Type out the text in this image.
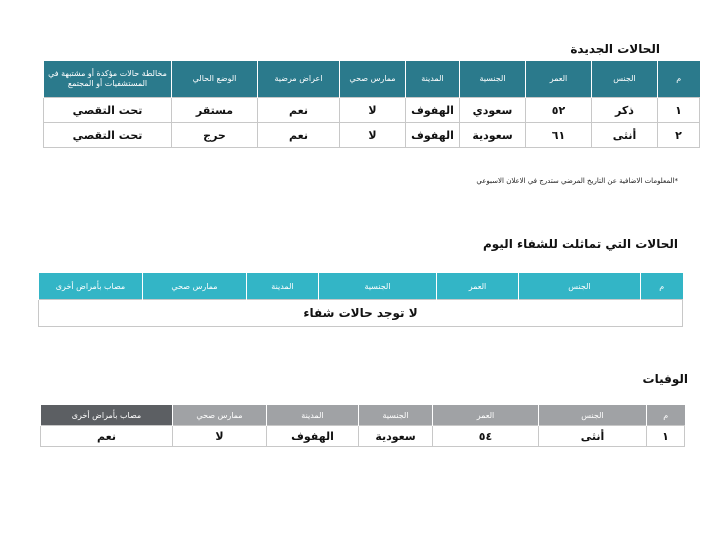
الحالات الجديدة
م	الجنس	العمر	الجنسية	المدينة	ممارس صحي	اعراض مرضية	الوضع الحالي	مخالطة حالات مؤكدة أو مشتبهة في المستشفيات أو المجتمع
١	ذكر	٥٢	سعودي	الهفوف	لا	نعم	مستقر	تحت التقصي
٢	أنثى	٦١	سعودية	الهفوف	لا	نعم	حرج	تحت التقصي
*المعلومات الاضافية عن التاريخ المرضي ستدرج في الاعلان الاسبوعي
الحالات التي تماثلت للشفاء اليوم
م	الجنس	العمر	الجنسية	المدينة	ممارس صحي	مصاب بأمراض أخرى
لا توجد حالات شفاء
الوفيات
م	الجنس	العمر	الجنسية	المدينة	ممارس صحي	مصاب بأمراض أخرى
١	أنثى	٥٤	سعودية	الهفوف	لا	نعم
